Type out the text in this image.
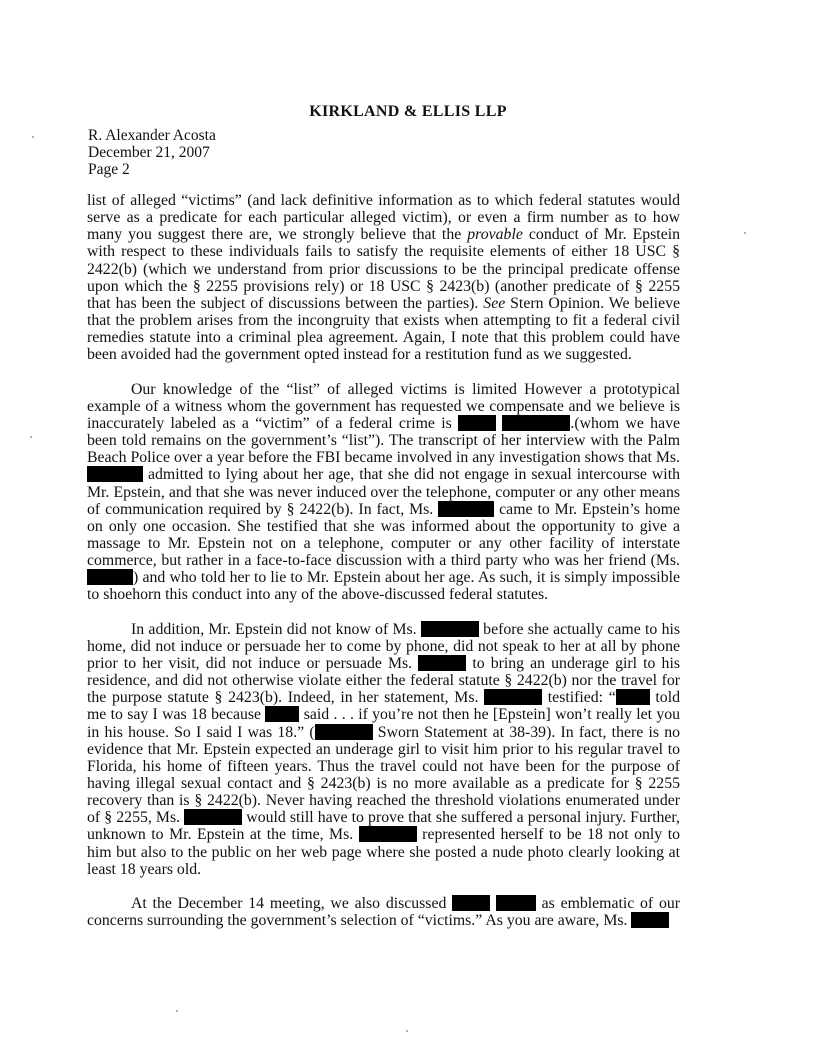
KIRKLAND & ELLIS LLP
R. Alexander Acosta
December 21, 2007
Page 2

list of alleged “victims” (and lack definitive information as to which federal statutes would serve as a predicate for each particular alleged victim), or even a firm number as to how many you suggest there are, we strongly believe that the provable conduct of Mr. Epstein with respect to these individuals fails to satisfy the requisite elements of either 18 USC § 2422(b) (which we understand from prior discussions to be the principal predicate offense upon which the § 2255 provisions rely) or 18 USC § 2423(b) (another predicate of § 2255 that has been the subject of discussions between the parties). See Stern Opinion. We believe that the problem arises from the incongruity that exists when attempting to fit a federal civil remedies statute into a criminal plea agreement. Again, I note that this problem could have been avoided had the government opted instead for a restitution fund as we suggested.

Our knowledge of the “list” of alleged victims is limited However a prototypical example of a witness whom the government has requested we compensate and we believe is inaccurately labeled as a “victim” of a federal crime is	.(whom we have been told remains on the government’s “list”). The transcript of her interview with the Palm Beach Police over a year before the FBI became involved in any investigation shows that Ms.  admitted to lying about her age, that she did not engage in sexual intercourse with Mr. Epstein, and that she was never induced over the telephone, computer or any other means of communication required by § 2422(b). In fact, Ms.	came to Mr. Epstein’s home on only one occasion. She testified that she was informed about the opportunity to give a massage to Mr. Epstein not on a telephone, computer or any other facility of interstate commerce, but rather in a face-to-face discussion with a third party who was her friend (Ms. ) and who told her to lie to Mr. Epstein about her age. As such, it is simply impossible to shoehorn this conduct into any of the above-discussed federal statutes.

In addition, Mr. Epstein did not know of Ms.	before she actually came to his home, did not induce or persuade her to come by phone, did not speak to her at all by phone prior to her visit, did not induce or persuade Ms.	to bring an underage girl to his residence, and did not otherwise violate either the federal statute § 2422(b) nor the travel for the purpose statute § 2423(b). Indeed, in her statement, Ms.	testified: “ told me to say I was 18 because  said . . . if you’re not then he [Epstein] won’t really let you in his house. So I said I was 18.” (	Sworn Statement at 38-39). In fact, there is no evidence that Mr. Epstein expected an underage girl to visit him prior to his regular travel to Florida, his home of fifteen years. Thus the travel could not have been for the purpose of having illegal sexual contact and § 2423(b) is no more available as a predicate for § 2255 recovery than is § 2422(b). Never having reached the threshold violations enumerated under of § 2255, Ms.	would still have to prove that she suffered a personal injury. Further, unknown to Mr. Epstein at the time, Ms.	represented herself to be 18 not only to him but also to the public on her web page where she posted a nude photo clearly looking at least 18 years old.

At the December 14 meeting, we also discussed	as emblematic of our concerns surrounding the government’s selection of “victims.” As you are aware, Ms.
